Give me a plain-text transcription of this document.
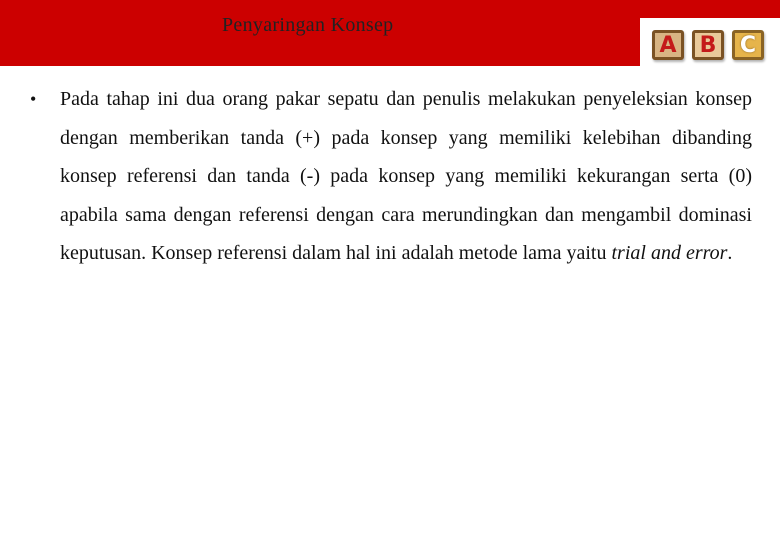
Penyaringan Konsep
A	B	C
• Pada tahap ini dua orang pakar sepatu dan penulis melakukan penyeleksian konsep dengan memberikan tanda (+) pada konsep yang memiliki kelebihan dibanding konsep referensi dan tanda (-) pada konsep yang memiliki kekurangan serta (0) apabila sama dengan referensi dengan cara merundingkan dan mengambil dominasi keputusan. Konsep referensi dalam hal ini adalah metode lama yaitu trial and error.
